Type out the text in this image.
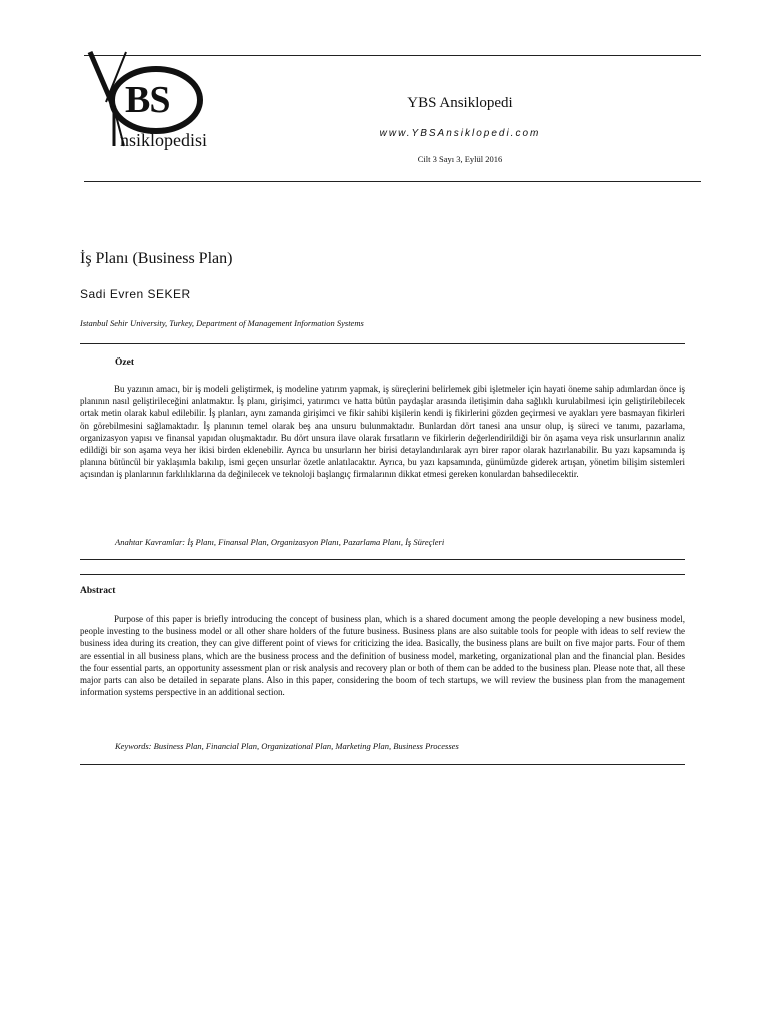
BS
nsiklopedisi
YBS Ansiklopedi
www.YBSAnsiklopedi.com
Cilt 3 Sayı 3, Eylül 2016
İş Planı (Business Plan)
Sadi Evren SEKER
Istanbul Sehir University, Turkey, Department of Management Information Systems
Özet
Bu yazının amacı, bir iş modeli geliştirmek, iş modeline yatırım yapmak, iş süreçlerini belirlemek gibi işletmeler için hayati öneme sahip adımlardan önce iş planının nasıl geliştirileceğini anlatmaktır. İş planı, girişimci, yatırımcı ve hatta bütün paydaşlar arasında iletişimin daha sağlıklı kurulabilmesi için geliştirilebilecek ortak metin olarak kabul edilebilir. İş planları, aynı zamanda girişimci ve fikir sahibi kişilerin kendi iş fikirlerini gözden geçirmesi ve ayakları yere basmayan fikirleri ön görebilmesini sağlamaktadır. İş planının temel olarak beş ana unsuru bulunmaktadır. Bunlardan dört tanesi ana unsur olup, iş süreci ve tanımı, pazarlama, organizasyon yapısı ve finansal yapıdan oluşmaktadır. Bu dört unsura ilave olarak fırsatların ve fikirlerin değerlendirildiği bir ön aşama veya risk unsurlarının analiz edildiği bir son aşama veya her ikisi birden eklenebilir. Ayrıca bu unsurların her birisi detaylandırılarak ayrı birer rapor olarak hazırlanabilir. Bu yazı kapsamında iş planına bütüncül bir yaklaşımla bakılıp, ismi geçen unsurlar özetle anlatılacaktır. Ayrıca, bu yazı kapsamında, günümüzde giderek artışan, yönetim bilişim sistemleri açısından iş planlarının farklılıklarına da değinilecek ve teknoloji başlangıç firmalarının dikkat etmesi gereken konulardan bahsedilecektir.
Anahtar Kavramlar: İş Planı, Finansal Plan, Organizasyon Planı, Pazarlama Planı, İş Süreçleri
Abstract
Purpose of this paper is briefly introducing the concept of business plan, which is a shared document among the people developing a new business model, people investing to the business model or all other share holders of the future business. Business plans are also suitable tools for people with ideas to self review the business idea during its creation, they can give different point of views for criticizing the idea. Basically, the business plans are built on five major parts. Four of them are essential in all business plans, which are the business process and the definition of business model, marketing, organizational plan and the financial plan. Besides the four essential parts, an opportunity assessment plan or risk analysis and recovery plan or both of them can be added to the business plan. Please note that, all these major parts can also be detailed in separate plans. Also in this paper, considering the boom of tech startups, we will review the business plan from the management information systems perspective in an additional section.
Keywords: Business Plan, Financial Plan, Organizational Plan, Marketing Plan, Business Processes
